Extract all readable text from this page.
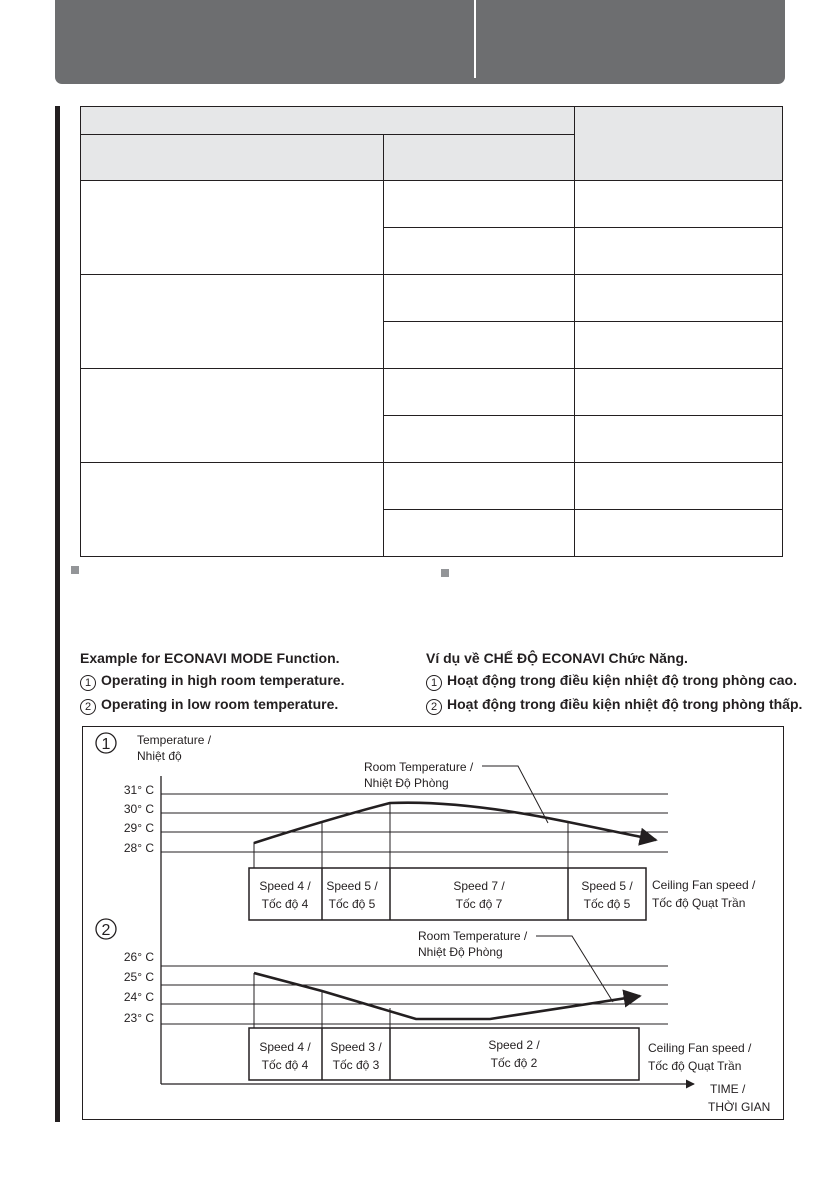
Example for ECONAVI MODE Function.
1 Operating in high room temperature.
2 Operating in low room temperature.
Ví dụ về CHẾ ĐỘ ECONAVI Chức Năng.
1 Hoạt động trong điều kiện nhiệt độ trong phòng cao.
2 Hoạt động trong điều kiện nhiệt độ trong phòng thấp.
Temperature /
Nhiệt độ
TIME /
THỜI GIAN
1
31° C
30° C
29° C
28° C
Room Temperature /
Nhiệt Độ Phòng
Speed 4 /
Tốc độ 4
Speed 5 /
Tốc độ 5
Speed 7 /
Tốc độ 7
Speed 5 /
Tốc độ 5
Ceiling Fan speed /
Tốc độ Quạt Trần
2
26° C
25° C
24° C
23° C
Room Temperature /
Nhiệt Độ Phòng
Speed 4 /
Tốc độ 4
Speed 3 /
Tốc độ 3
Speed 2 /
Tốc độ 2
Ceiling Fan speed /
Tốc độ Quạt Trần
